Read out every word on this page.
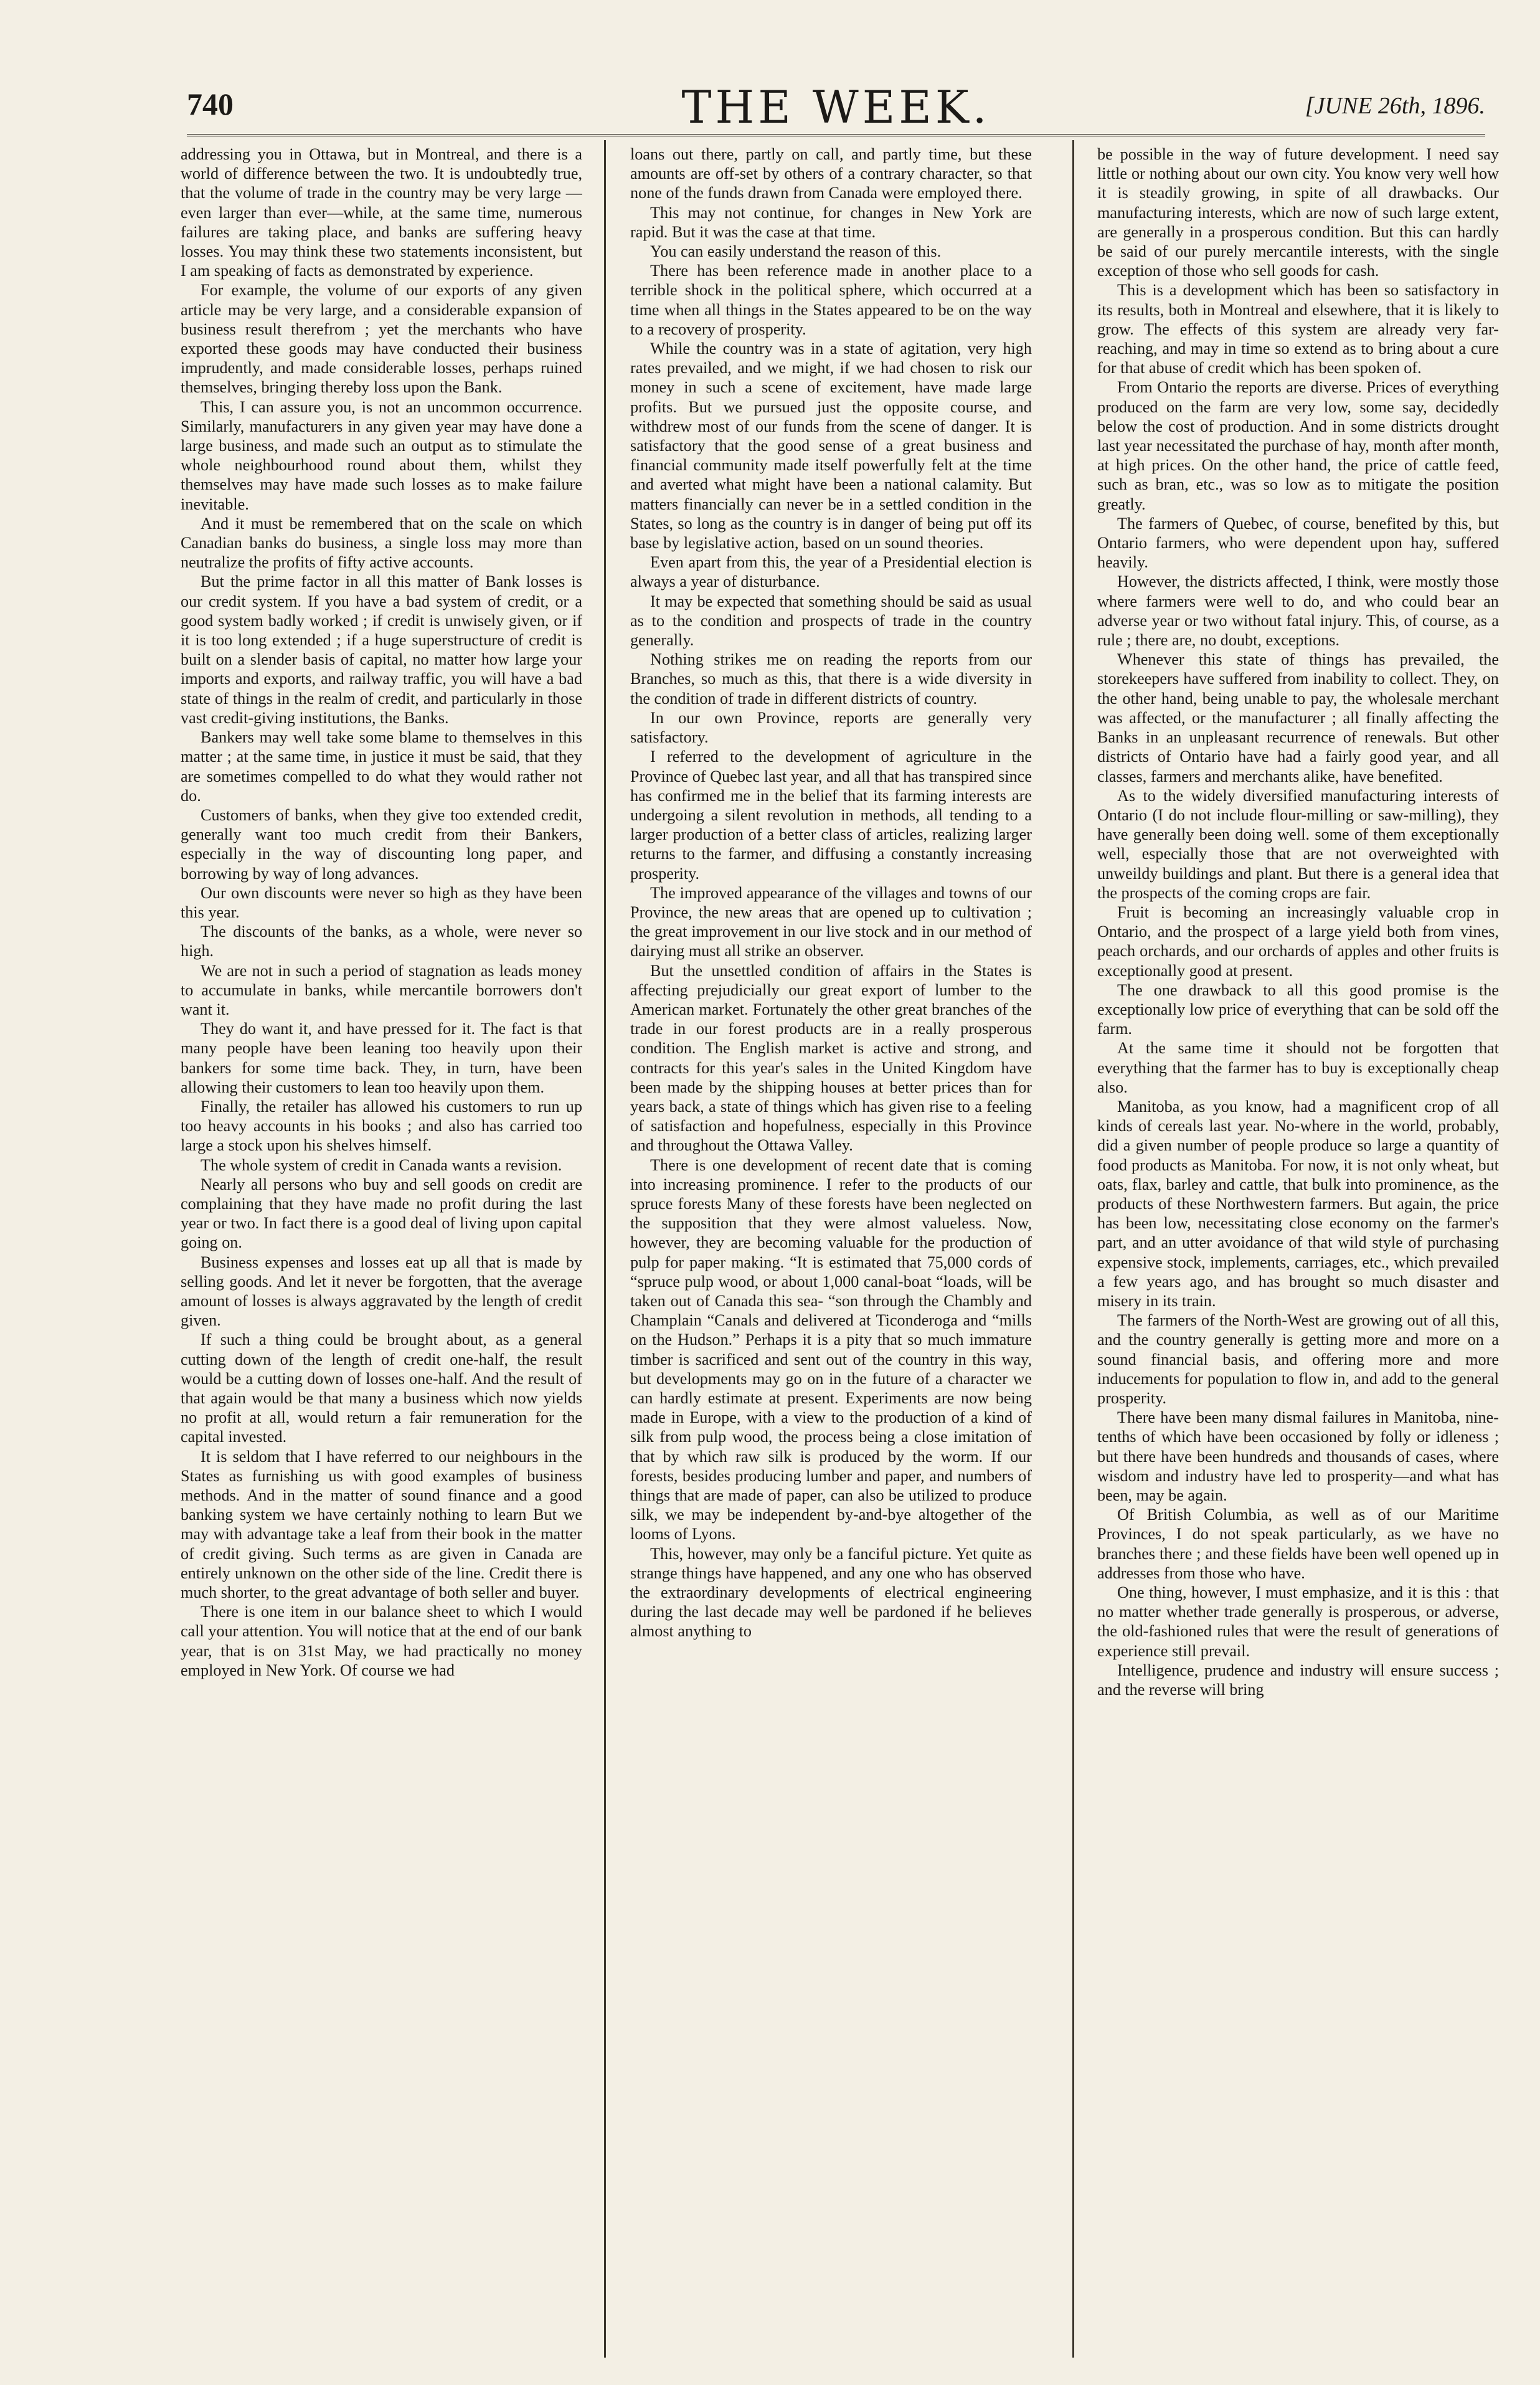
740	THE WEEK.	[JUNE 26th, 1896.

addressing you in Ottawa, but in Montreal, and there is a world of difference between the two. It is undoubtedly true, that the volume of trade in the country may be very large — even larger than ever—while, at the same time, numerous failures are taking place, and banks are suffering heavy losses. You may think these two statements inconsistent, but I am speaking of facts as demonstrated by experience.

For example, the volume of our exports of any given article may be very large, and a considerable expansion of business result therefrom ; yet the merchants who have exported these goods may have conducted their business imprudently, and made considerable losses, perhaps ruined themselves, bringing thereby loss upon the Bank.

This, I can assure you, is not an uncommon occurrence. Similarly, manufacturers in any given year may have done a large business, and made such an output as to stimulate the whole neighbourhood round about them, whilst they themselves may have made such losses as to make failure inevitable.

And it must be remembered that on the scale on which Canadian banks do business, a single loss may more than neutralize the profits of fifty active accounts.

But the prime factor in all this matter of Bank losses is our credit system. If you have a bad system of credit, or a good system badly worked ; if credit is unwisely given, or if it is too long extended ; if a huge superstructure of credit is built on a slender basis of capital, no matter how large your imports and exports, and railway traffic, you will have a bad state of things in the realm of credit, and particularly in those vast credit-giving institutions, the Banks.

Bankers may well take some blame to themselves in this matter ; at the same time, in justice it must be said, that they are sometimes compelled to do what they would rather not do.

Customers of banks, when they give too extended credit, generally want too much credit from their Bankers, especially in the way of discounting long paper, and borrowing by way of long advances.

Our own discounts were never so high as they have been this year.

The discounts of the banks, as a whole, were never so high.

We are not in such a period of stagnation as leads money to accumulate in banks, while mercantile borrowers don't want it.

They do want it, and have pressed for it. The fact is that many people have been leaning too heavily upon their bankers for some time back. They, in turn, have been allowing their customers to lean too heavily upon them.

Finally, the retailer has allowed his customers to run up too heavy accounts in his books ; and also has carried too large a stock upon his shelves himself.

The whole system of credit in Canada wants a revision.

Nearly all persons who buy and sell goods on credit are complaining that they have made no profit during the last year or two. In fact there is a good deal of living upon capital going on.

Business expenses and losses eat up all that is made by selling goods. And let it never be forgotten, that the average amount of losses is always aggravated by the length of credit given.

If such a thing could be brought about, as a general cutting down of the length of credit one-half, the result would be a cutting down of losses one-half. And the result of that again would be that many a business which now yields no profit at all, would return a fair remuneration for the capital invested.

It is seldom that I have referred to our neighbours in the States as furnishing us with good examples of business methods. And in the matter of sound finance and a good banking system we have certainly nothing to learn But we may with advantage take a leaf from their book in the matter of credit giving. Such terms as are given in Canada are entirely unknown on the other side of the line. Credit there is much shorter, to the great advantage of both seller and buyer.

There is one item in our balance sheet to which I would call your attention. You will notice that at the end of our bank year, that is on 31st May, we had practically no money employed in New York. Of course we had

loans out there, partly on call, and partly time, but these amounts are off-set by others of a contrary character, so that none of the funds drawn from Canada were employed there.

This may not continue, for changes in New York are rapid. But it was the case at that time.

You can easily understand the reason of this.

There has been reference made in another place to a terrible shock in the political sphere, which occurred at a time when all things in the States appeared to be on the way to a recovery of prosperity.

While the country was in a state of agitation, very high rates prevailed, and we might, if we had chosen to risk our money in such a scene of excitement, have made large profits. But we pursued just the opposite course, and withdrew most of our funds from the scene of danger. It is satisfactory that the good sense of a great business and financial community made itself powerfully felt at the time and averted what might have been a national calamity. But matters financially can never be in a settled condition in the States, so long as the country is in danger of being put off its base by legislative action, based on un sound theories.

Even apart from this, the year of a Presidential election is always a year of disturbance.

It may be expected that something should be said as usual as to the condition and prospects of trade in the country generally.

Nothing strikes me on reading the reports from our Branches, so much as this, that there is a wide diversity in the condition of trade in different districts of country.

In our own Province, reports are generally very satisfactory.

I referred to the development of agriculture in the Province of Quebec last year, and all that has transpired since has confirmed me in the belief that its farming interests are undergoing a silent revolution in methods, all tending to a larger production of a better class of articles, realizing larger returns to the farmer, and diffusing a constantly increasing prosperity.

The improved appearance of the villages and towns of our Province, the new areas that are opened up to cultivation ; the great improvement in our live stock and in our method of dairying must all strike an observer.

But the unsettled condition of affairs in the States is affecting prejudicially our great export of lumber to the American market. Fortunately the other great branches of the trade in our forest products are in a really prosperous condition. The English market is active and strong, and contracts for this year's sales in the United Kingdom have been made by the shipping houses at better prices than for years back, a state of things which has given rise to a feeling of satisfaction and hopefulness, especially in this Province and throughout the Ottawa Valley.

There is one development of recent date that is coming into increasing prominence. I refer to the products of our spruce forests Many of these forests have been neglected on the supposition that they were almost valueless. Now, however, they are becoming valuable for the production of pulp for paper making. “It is estimated that 75,000 cords of “spruce pulp wood, or about 1,000 canal-boat “loads, will be taken out of Canada this sea- “son through the Chambly and Champlain “Canals and delivered at Ticonderoga and “mills on the Hudson.” Perhaps it is a pity that so much immature timber is sacrificed and sent out of the country in this way, but developments may go on in the future of a character we can hardly estimate at present. Experiments are now being made in Europe, with a view to the production of a kind of silk from pulp wood, the process being a close imitation of that by which raw silk is produced by the worm. If our forests, besides producing lumber and paper, and numbers of things that are made of paper, can also be utilized to produce silk, we may be independent by-and-bye altogether of the looms of Lyons.

This, however, may only be a fanciful picture. Yet quite as strange things have happened, and any one who has observed the extraordinary developments of electrical engineering during the last decade may well be pardoned if he believes almost anything to

be possible in the way of future development. I need say little or nothing about our own city. You know very well how it is steadily growing, in spite of all drawbacks. Our manufacturing interests, which are now of such large extent, are generally in a prosperous condition. But this can hardly be said of our purely mercantile interests, with the single exception of those who sell goods for cash.

This is a development which has been so satisfactory in its results, both in Montreal and elsewhere, that it is likely to grow. The effects of this system are already very far-reaching, and may in time so extend as to bring about a cure for that abuse of credit which has been spoken of.

From Ontario the reports are diverse. Prices of everything produced on the farm are very low, some say, decidedly below the cost of production. And in some districts drought last year necessitated the purchase of hay, month after month, at high prices. On the other hand, the price of cattle feed, such as bran, etc., was so low as to mitigate the position greatly.

The farmers of Quebec, of course, benefited by this, but Ontario farmers, who were dependent upon hay, suffered heavily.

However, the districts affected, I think, were mostly those where farmers were well to do, and who could bear an adverse year or two without fatal injury. This, of course, as a rule ; there are, no doubt, exceptions.

Whenever this state of things has prevailed, the storekeepers have suffered from inability to collect. They, on the other hand, being unable to pay, the wholesale merchant was affected, or the manufacturer ; all finally affecting the Banks in an unpleasant recurrence of renewals. But other districts of Ontario have had a fairly good year, and all classes, farmers and merchants alike, have benefited.

As to the widely diversified manufacturing interests of Ontario (I do not include flour-milling or saw-milling), they have generally been doing well. some of them exceptionally well, especially those that are not overweighted with unweildy buildings and plant. But there is a general idea that the prospects of the coming crops are fair.

Fruit is becoming an increasingly valuable crop in Ontario, and the prospect of a large yield both from vines, peach orchards, and our orchards of apples and other fruits is exceptionally good at present.

The one drawback to all this good promise is the exceptionally low price of everything that can be sold off the farm.

At the same time it should not be forgotten that everything that the farmer has to buy is exceptionally cheap also.

Manitoba, as you know, had a magnificent crop of all kinds of cereals last year. No-where in the world, probably, did a given number of people produce so large a quantity of food products as Manitoba. For now, it is not only wheat, but oats, flax, barley and cattle, that bulk into prominence, as the products of these Northwestern farmers. But again, the price has been low, necessitating close economy on the farmer's part, and an utter avoidance of that wild style of purchasing expensive stock, implements, carriages, etc., which prevailed a few years ago, and has brought so much disaster and misery in its train.

The farmers of the North-West are growing out of all this, and the country generally is getting more and more on a sound financial basis, and offering more and more inducements for population to flow in, and add to the general prosperity.

There have been many dismal failures in Manitoba, nine-tenths of which have been occasioned by folly or idleness ; but there have been hundreds and thousands of cases, where wisdom and industry have led to prosperity—and what has been, may be again.

Of British Columbia, as well as of our Maritime Provinces, I do not speak particularly, as we have no branches there ; and these fields have been well opened up in addresses from those who have.

One thing, however, I must emphasize, and it is this : that no matter whether trade generally is prosperous, or adverse, the old-fashioned rules that were the result of generations of experience still prevail.

Intelligence, prudence and industry will ensure success ; and the reverse will bring
